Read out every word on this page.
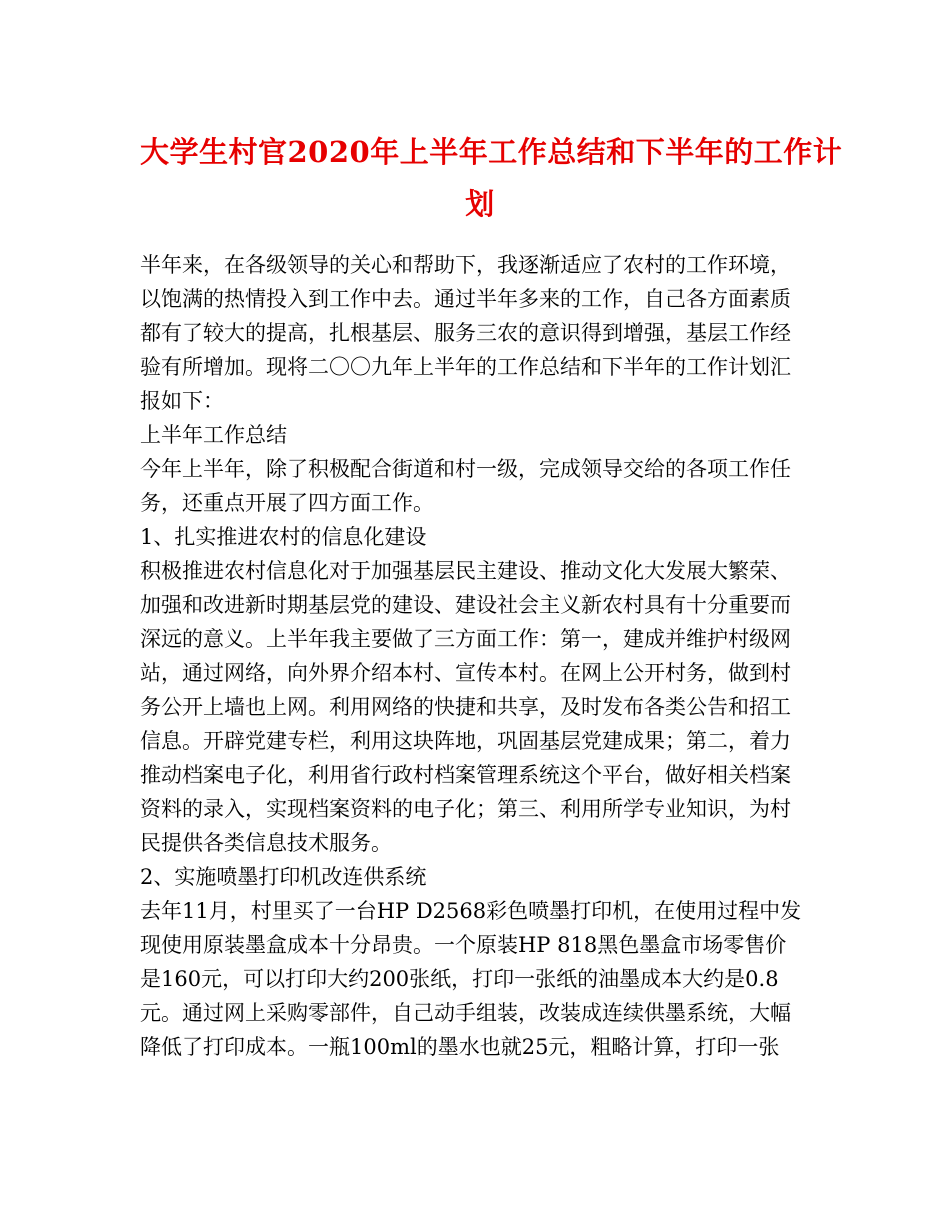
大学生村官2020年上半年工作总结和下半年的工作计
划
半年来，在各级领导的关心和帮助下，我逐渐适应了农村的工作环境，
以饱满的热情投入到工作中去。通过半年多来的工作，自己各方面素质
都有了较大的提高，扎根基层、服务三农的意识得到增强，基层工作经
验有所增加。现将二〇〇九年上半年的工作总结和下半年的工作计划汇
报如下：
上半年工作总结
今年上半年，除了积极配合街道和村一级，完成领导交给的各项工作任
务，还重点开展了四方面工作。
1、扎实推进农村的信息化建设
积极推进农村信息化对于加强基层民主建设、推动文化大发展大繁荣、
加强和改进新时期基层党的建设、建设社会主义新农村具有十分重要而
深远的意义。上半年我主要做了三方面工作：第一，建成并维护村级网
站，通过网络，向外界介绍本村、宣传本村。在网上公开村务，做到村
务公开上墙也上网。利用网络的快捷和共享，及时发布各类公告和招工
信息。开辟党建专栏，利用这块阵地，巩固基层党建成果；第二，着力
推动档案电子化，利用省行政村档案管理系统这个平台，做好相关档案
资料的录入，实现档案资料的电子化；第三、利用所学专业知识，为村
民提供各类信息技术服务。
2、实施喷墨打印机改连供系统
去年11月，村里买了一台HP D2568彩色喷墨打印机，在使用过程中发
现使用原装墨盒成本十分昂贵。一个原装HP 818黑色墨盒市场零售价
是160元，可以打印大约200张纸，打印一张纸的油墨成本大约是0.8
元。通过网上采购零部件，自己动手组装，改装成连续供墨系统，大幅
降低了打印成本。一瓶100ml的墨水也就25元，粗略计算，打印一张
